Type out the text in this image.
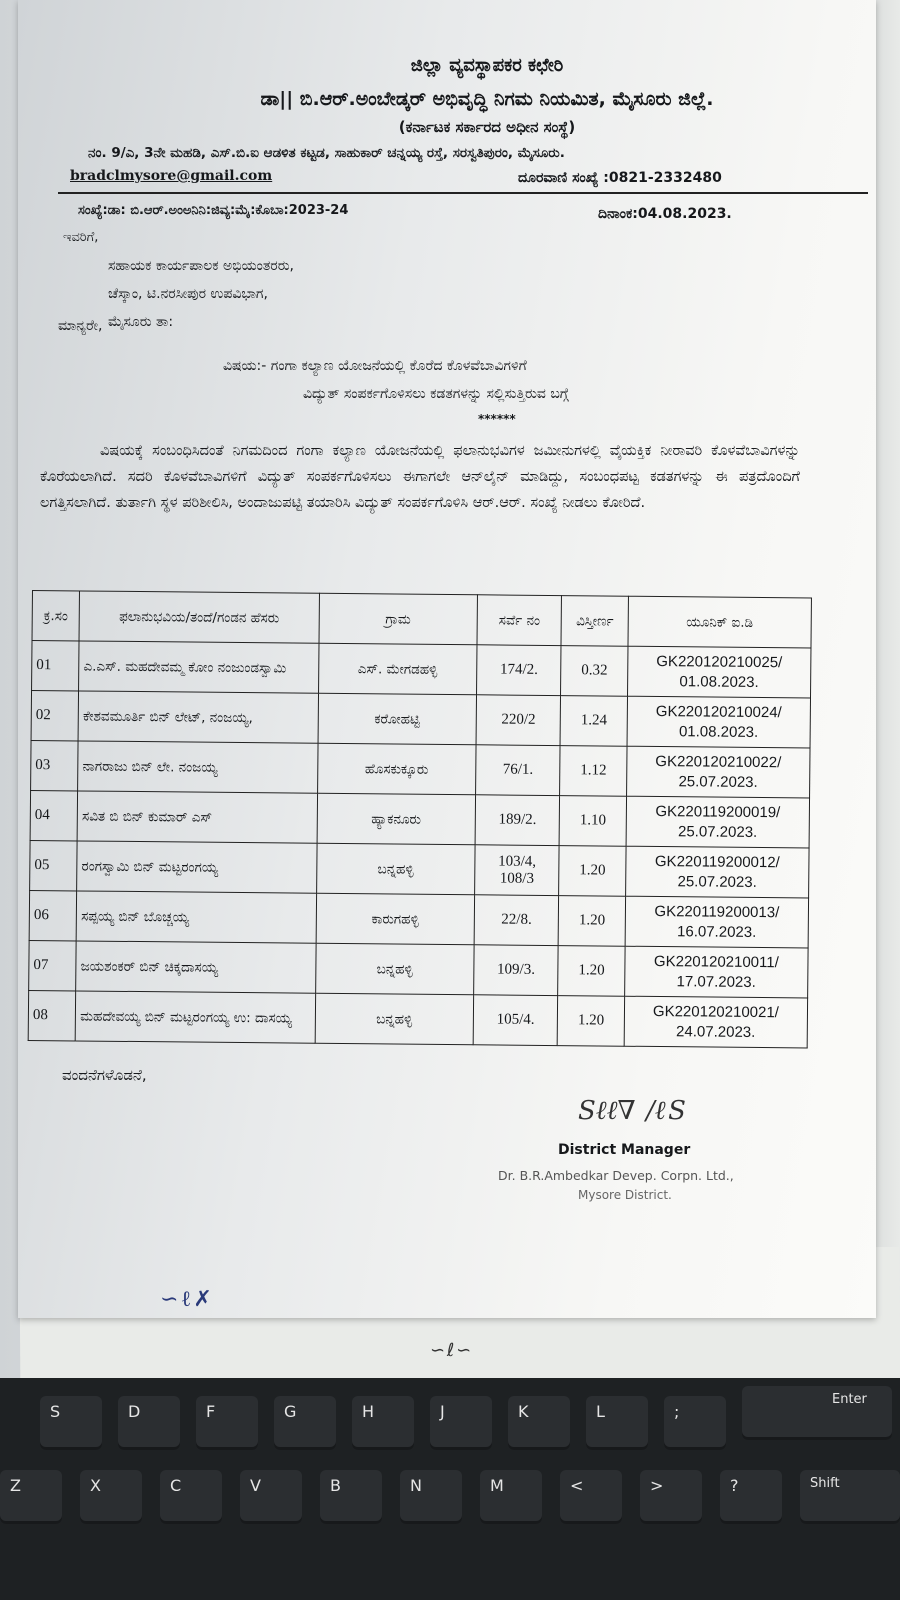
ಜಿಲ್ಲಾ ವ್ಯವಸ್ಥಾಪಕರ ಕಛೇರಿ
ಡಾ|| ಬಿ.ಆರ್.ಅಂಬೇಡ್ಕರ್ ಅಭಿವೃದ್ಧಿ ನಿಗಮ ನಿಯಮಿತ, ಮೈಸೂರು ಜಿಲ್ಲೆ.
(ಕರ್ನಾಟಕ ಸರ್ಕಾರದ ಅಧೀನ ಸಂಸ್ಥೆ)
ನಂ. 9/ಎ, 3ನೇ ಮಹಡಿ, ಎಸ್.ಬಿ.ಐ ಆಡಳಿತ ಕಟ್ಟಡ, ಸಾಹುಕಾರ್ ಚನ್ನಯ್ಯ ರಸ್ತೆ, ಸರಸ್ವತಿಪುರಂ, ಮೈಸೂರು.
bradclmysore@gmail.com	ದೂರವಾಣಿ ಸಂಖ್ಯೆ :0821-2332480
ಸಂಖ್ಯೆ:ಡಾ: ಬಿ.ಆರ್.ಅಂಅನಿನಿ:ಜಿವ್ಯ:ಮೈ:ಕೊಬಾ:2023-24	ದಿನಾಂಕ:04.08.2023.
ಇವರಿಗೆ,
ಸಹಾಯಕ ಕಾರ್ಯಪಾಲಕ ಅಭಿಯಂತರರು,
ಚೆಸ್ಕಾಂ, ಟಿ.ನರಸೀಪುರ ಉಪವಿಭಾಗ,
ಮೈಸೂರು ತಾ:
ಮಾನ್ಯರೇ,
ವಿಷಯ:- ಗಂಗಾ ಕಲ್ಯಾಣ ಯೋಜನೆಯಲ್ಲಿ ಕೊರೆದ ಕೊಳವೆಬಾವಿಗಳಿಗೆ
ವಿದ್ಯುತ್ ಸಂಪರ್ಕಗೊಳಿಸಲು ಕಡತಗಳನ್ನು ಸಲ್ಲಿಸುತ್ತಿರುವ ಬಗ್ಗೆ
******
ವಿಷಯಕ್ಕೆ ಸಂಬಂಧಿಸಿದಂತೆ ನಿಗಮದಿಂದ ಗಂಗಾ ಕಲ್ಯಾಣ ಯೋಜನೆಯಲ್ಲಿ ಫಲಾನುಭವಿಗಳ ಜಮೀನುಗಳಲ್ಲಿ ವೈಯಕ್ತಿಕ ನೀರಾವರಿ ಕೊಳವೆಬಾವಿಗಳನ್ನು ಕೊರೆಯಲಾಗಿದೆ. ಸದರಿ ಕೊಳವೆಬಾವಿಗಳಿಗೆ ವಿದ್ಯುತ್ ಸಂಪರ್ಕಗೊಳಿಸಲು ಈಗಾಗಲೇ ಆನ್‌ಲೈನ್ ಮಾಡಿದ್ದು, ಸಂಬಂಧಪಟ್ಟ ಕಡತಗಳನ್ನು ಈ ಪತ್ರದೊಂದಿಗೆ ಲಗತ್ತಿಸಲಾಗಿದೆ. ತುರ್ತಾಗಿ ಸ್ಥಳ ಪರಿಶೀಲಿಸಿ, ಅಂದಾಜುಪಟ್ಟಿ ತಯಾರಿಸಿ ವಿದ್ಯುತ್ ಸಂಪರ್ಕಗೊಳಿಸಿ ಆರ್.ಆರ್. ಸಂಖ್ಯೆ ನೀಡಲು ಕೋರಿದೆ.
ಕ್ರ.ಸಂ	ಫಲಾನುಭವಿಯ/ತಂದೆ/ಗಂಡನ ಹೆಸರು	ಗ್ರಾಮ	ಸರ್ವೆ ನಂ	ವಿಸ್ತೀರ್ಣ	ಯೂನಿಕ್ ಐ.ಡಿ
01	ಎ.ಎಸ್. ಮಹದೇವಮ್ಮ ಕೋಂ ನಂಜುಂಡಸ್ವಾಮಿ	ಎಸ್. ಮೇಗಡಹಳ್ಳಿ	174/2.	0.32	GK220120210025/
01.08.2023.

02	ಕೇಶವಮೂರ್ತಿ ಬಿನ್ ಲೇಟ್, ನಂಜಯ್ಯ,	ಕರೋಹಟ್ಟಿ	220/2	1.24	GK220120210024/
01.08.2023.

03	ನಾಗರಾಜು ಬಿನ್ ಲೇ. ನಂಜಯ್ಯ	ಹೊಸಕುಕ್ಕೂರು	76/1.	1.12	GK220120210022/
25.07.2023.

04	ಸವಿತ ಬಿ ಬಿನ್ ಕುಮಾರ್ ಎಸ್	ಹ್ಯಾಕನೂರು	189/2.	1.10	GK220119200019/
25.07.2023.

05	ರಂಗಸ್ವಾಮಿ ಬಿನ್ ಮಟ್ಟರಂಗಯ್ಯ	ಬನ್ನಹಳ್ಳಿ	103/4, 108/3	1.20	GK220119200012/
25.07.2023.

06	ಸಪ್ಪಯ್ಯ ಬಿನ್ ಬೊಚ್ಚಯ್ಯ	ಕಾರುಗಹಳ್ಳಿ	22/8.	1.20	GK220119200013/
16.07.2023.

07	ಜಯಶಂಕರ್ ಬಿನ್ ಚಿಕ್ಕದಾಸಯ್ಯ	ಬನ್ನಹಳ್ಳಿ	109/3.	1.20	GK220120210011/
17.07.2023.

08	ಮಹದೇವಯ್ಯ ಬಿನ್ ಮಟ್ಟರಂಗಯ್ಯ ಉ: ದಾಸಯ್ಯ	ಬನ್ನಹಳ್ಳಿ	105/4.	1.20	GK220120210021/
24.07.2023.
ವಂದನೆಗಳೊಡನೆ,
Sℓℓ∇    /ℓ S
District Manager
Dr. B.R.Ambedkar Devep. Corpn. Ltd.,
Mysore District.
∽ ℓ ✗
∽ ℓ ∽
S	D	F	G	H	J	K	L	;
Enter
Z	X	C	V	B	N	M	<	>	?	Shift
